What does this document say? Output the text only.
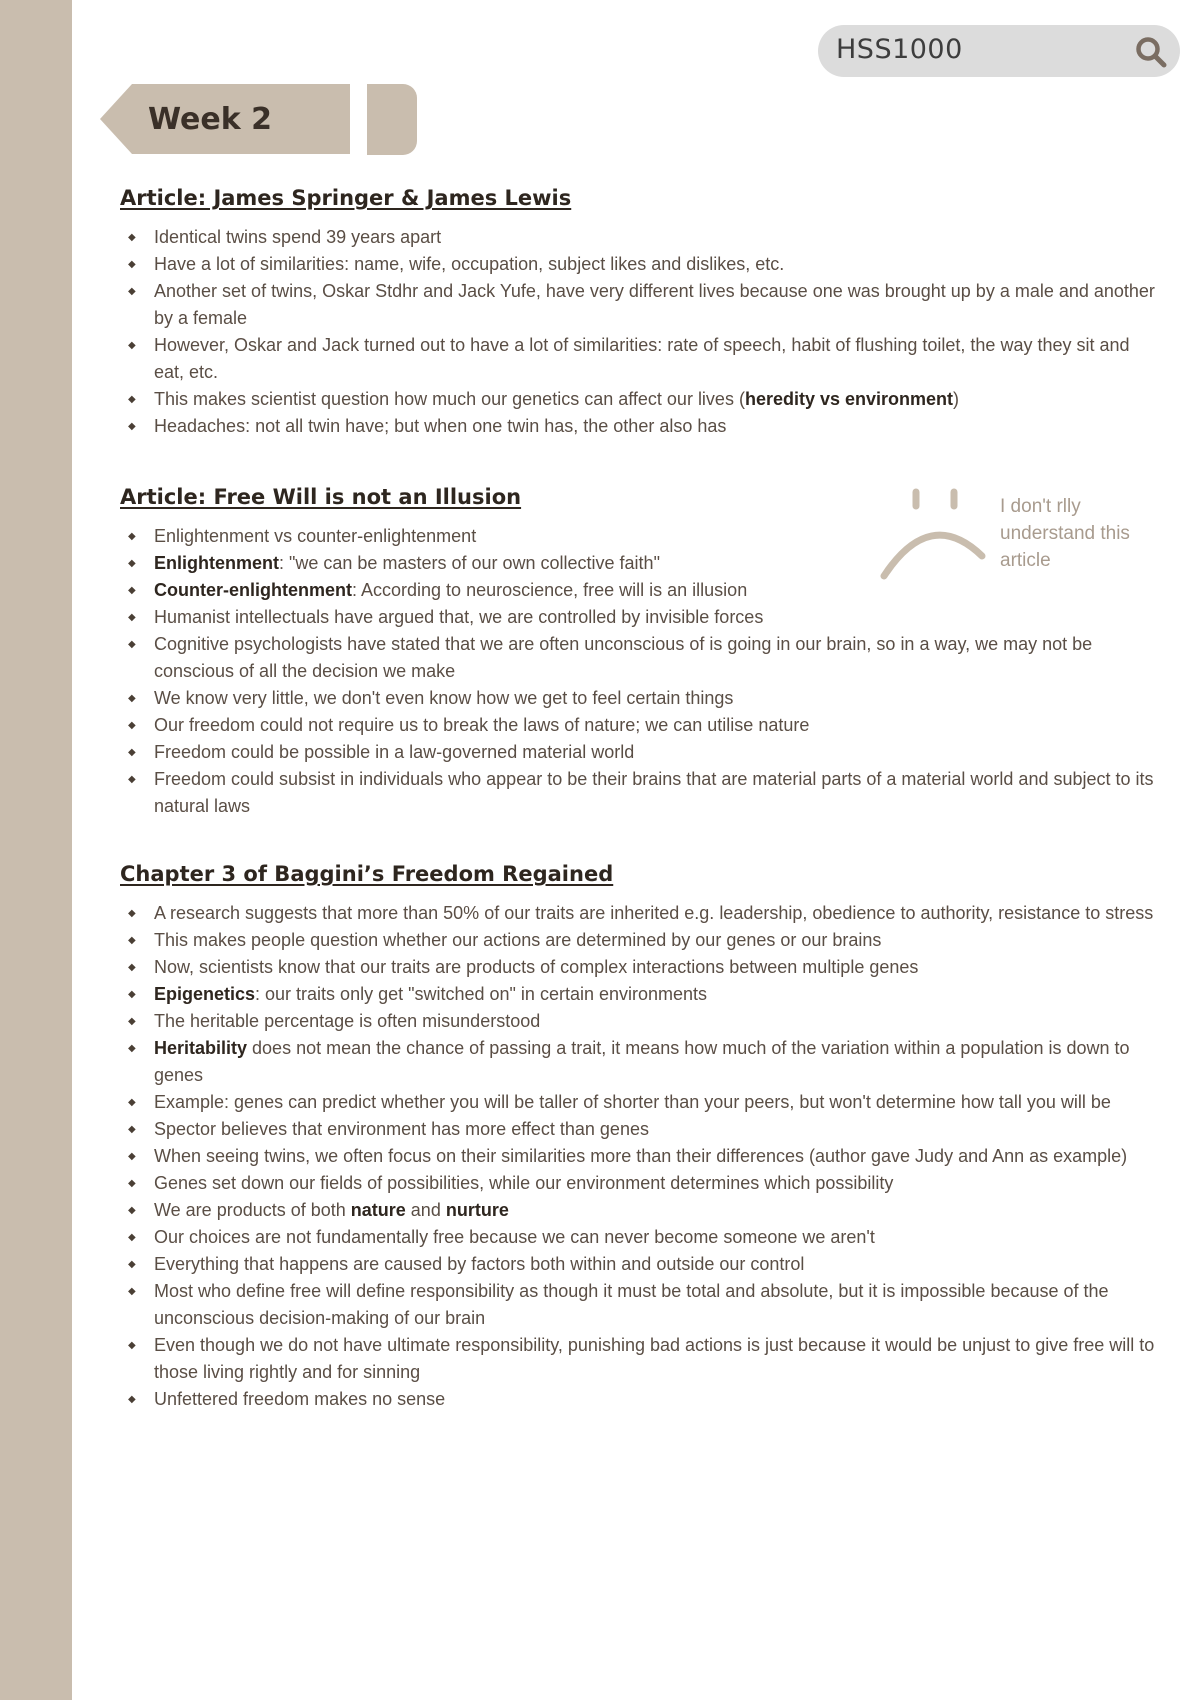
HSS1000
Week 2
Article: James Springer & James Lewis
◆ Identical twins spend 39 years apart
◆ Have a lot of similarities: name, wife, occupation, subject likes and dislikes, etc.
◆ Another set of twins, Oskar Stdhr and Jack Yufe, have very different lives because one was brought up by a male and another by a female
◆ However, Oskar and Jack turned out to have a lot of similarities: rate of speech, habit of flushing toilet, the way they sit and eat, etc.
◆ This makes scientist question how much our genetics can affect our lives (heredity vs environment)
◆ Headaches: not all twin have; but when one twin has, the other also has
Article: Free Will is not an Illusion
◆ Enlightenment vs counter-enlightenment
◆ Enlightenment: "we can be masters of our own collective faith"
◆ Counter-enlightenment: According to neuroscience, free will is an illusion
◆ Humanist intellectuals have argued that, we are controlled by invisible forces
◆ Cognitive psychologists have stated that we are often unconscious of is going in our brain, so in a way, we may not be conscious of all the decision we make
◆ We know very little, we don't even know how we get to feel certain things
◆ Our freedom could not require us to break the laws of nature; we can utilise nature
◆ Freedom could be possible in a law-governed material world
◆ Freedom could subsist in individuals who appear to be their brains that are material parts of a material world and subject to its natural laws
I don't rlly understand this article
Chapter 3 of Baggini’s Freedom Regained
◆ A research suggests that more than 50% of our traits are inherited e.g. leadership, obedience to authority, resistance to stress
◆ This makes people question whether our actions are determined by our genes or our brains
◆ Now, scientists know that our traits are products of complex interactions between multiple genes
◆ Epigenetics: our traits only get "switched on" in certain environments
◆ The heritable percentage is often misunderstood
◆ Heritability does not mean the chance of passing a trait, it means how much of the variation within a population is down to genes
◆ Example: genes can predict whether you will be taller of shorter than your peers, but won't determine how tall you will be
◆ Spector believes that environment has more effect than genes
◆ When seeing twins, we often focus on their similarities more than their differences (author gave Judy and Ann as example)
◆ Genes set down our fields of possibilities, while our environment determines which possibility
◆ We are products of both nature and nurture
◆ Our choices are not fundamentally free because we can never become someone we aren't
◆ Everything that happens are caused by factors both within and outside our control
◆ Most who define free will define responsibility as though it must be total and absolute, but it is impossible because of the unconscious decision-making of our brain
◆ Even though we do not have ultimate responsibility, punishing bad actions is just because it would be unjust to give free will to those living rightly and for sinning
◆ Unfettered freedom makes no sense
